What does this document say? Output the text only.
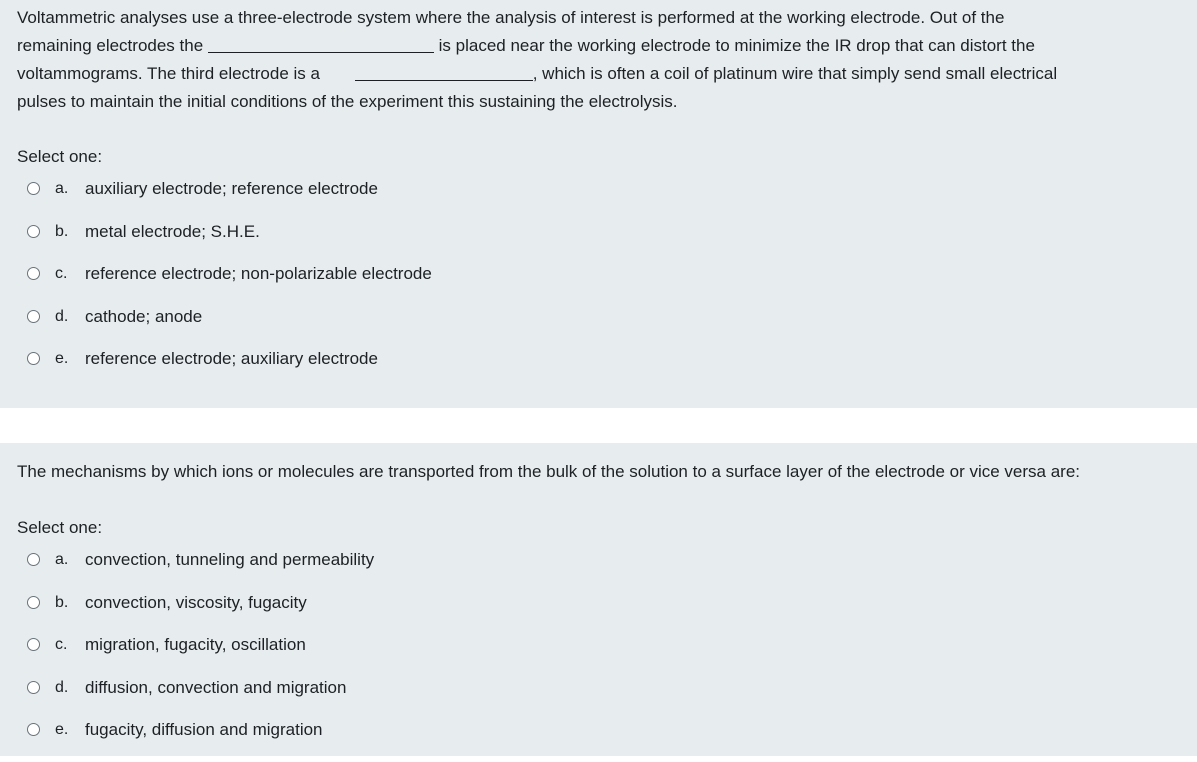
Voltammetric analyses use a three-electrode system where the analysis of interest is performed at the working electrode. Out of the
remaining electrodes the	is placed near the working electrode to minimize the IR drop that can distort the
voltammograms. The third electrode is a	, which is often a coil of platinum wire that simply send small electrical
pulses to maintain the initial conditions of the experiment this sustaining the electrolysis.
Select one:
a. auxiliary electrode; reference electrode
b. metal electrode; S.H.E.
c.	reference electrode; non-polarizable electrode
d. cathode; anode
e. reference electrode; auxiliary electrode
The mechanisms by which ions or molecules are transported from the bulk of the solution to a surface layer of the electrode or vice versa are:
Select one:
a. convection, tunneling and permeability
b. convection, viscosity, fugacity
c.	migration, fugacity, oscillation
d. diffusion, convection and migration
e. fugacity, diffusion and migration
